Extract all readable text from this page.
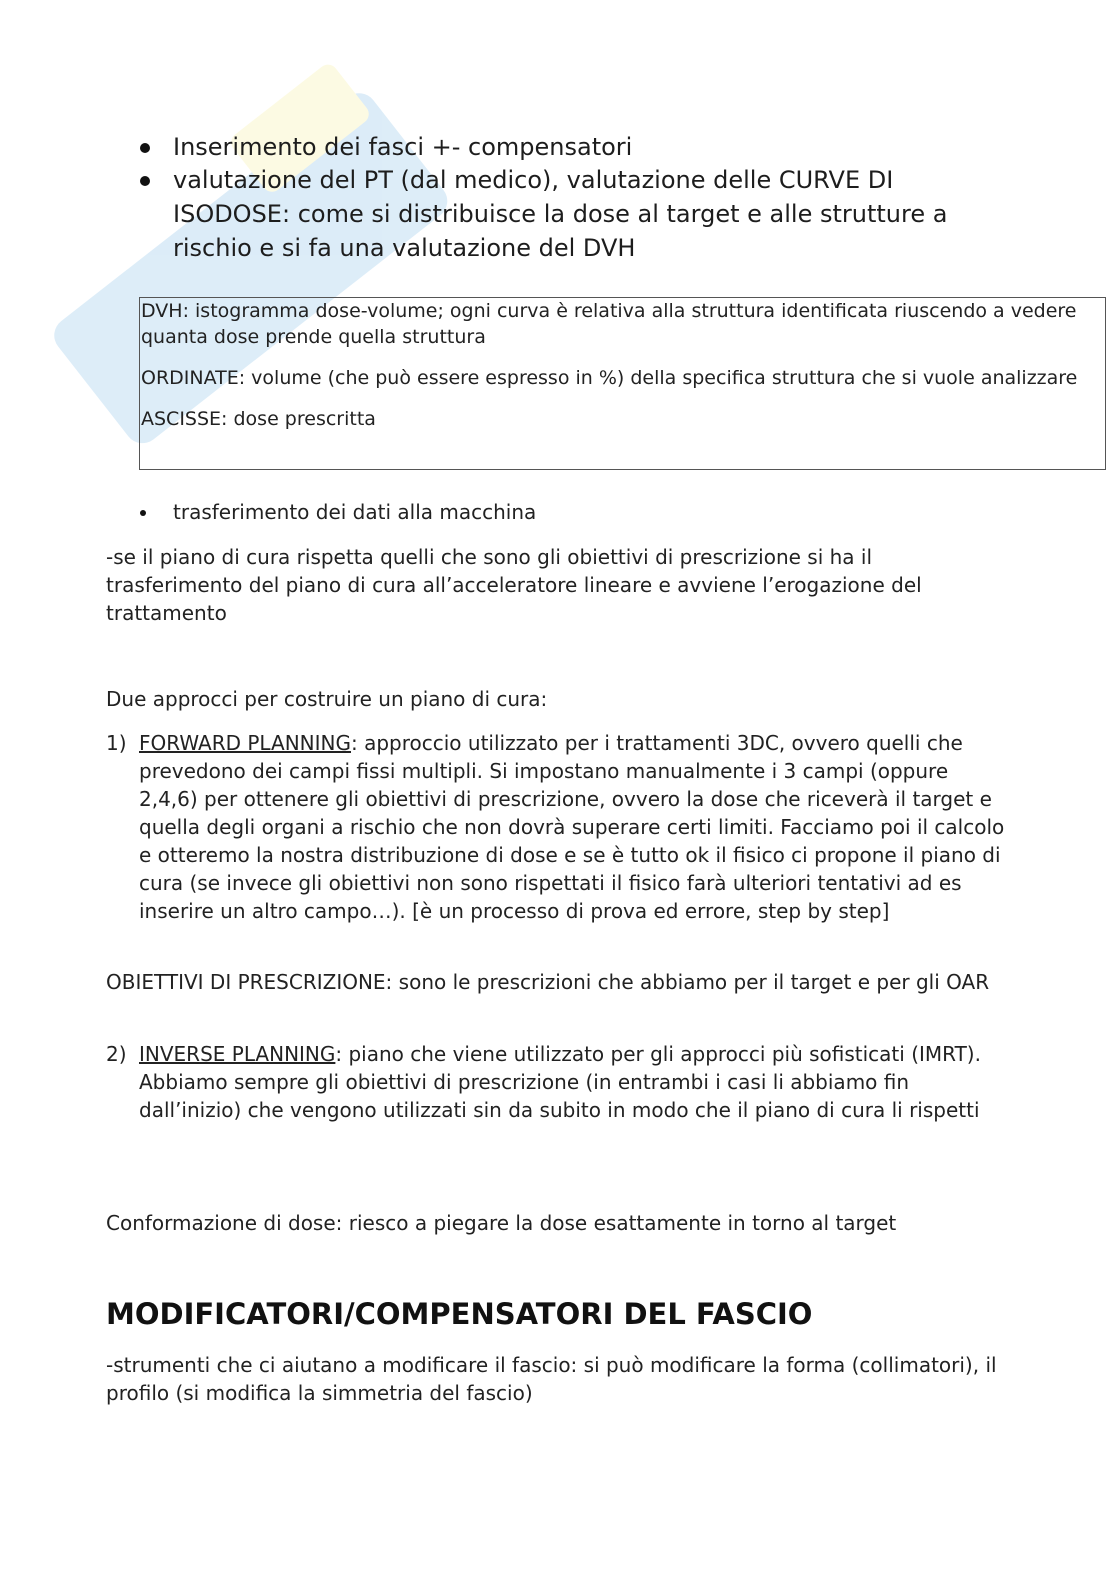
Inserimento dei fasci +- compensatori
valutazione del PT (dal medico), valutazione delle CURVE DI ISODOSE: come si distribuisce la dose al target e alle strutture a rischio e si fa una valutazione del DVH

DVH: istogramma dose-volume; ogni curva è relativa alla struttura identificata riuscendo a vedere quanta dose prende quella struttura

ORDINATE: volume (che può essere espresso in %) della specifica struttura che si vuole analizzare

ASCISSE: dose prescritta

trasferimento dei dati alla macchina

-se il piano di cura rispetta quelli che sono gli obiettivi di prescrizione si ha il trasferimento del piano di cura all’acceleratore lineare e avviene l’erogazione del trattamento

Due approcci per costruire un piano di cura:

1) FORWARD PLANNING: approccio utilizzato per i trattamenti 3DC, ovvero quelli che prevedono dei campi fissi multipli. Si impostano manualmente i 3 campi (oppure 2,4,6) per ottenere gli obiettivi di prescrizione, ovvero la dose che riceverà il target e quella degli organi a rischio che non dovrà superare certi limiti. Facciamo poi il calcolo e otteremo la nostra distribuzione di dose e se è tutto ok il fisico ci propone il piano di cura (se invece gli obiettivi non sono rispettati il fisico farà ulteriori tentativi ad es inserire un altro campo…). [è un processo di prova ed errore, step by step]

OBIETTIVI DI PRESCRIZIONE: sono le prescrizioni che abbiamo per il target e per gli OAR

2) INVERSE PLANNING: piano che viene utilizzato per gli approcci più sofisticati (IMRT). Abbiamo sempre gli obiettivi di prescrizione (in entrambi i casi li abbiamo fin dall’inizio) che vengono utilizzati sin da subito in modo che il piano di cura li rispetti

Conformazione di dose: riesco a piegare la dose esattamente in torno al target

MODIFICATORI/COMPENSATORI DEL FASCIO

-strumenti che ci aiutano a modificare il fascio: si può modificare la forma (collimatori), il profilo (si modifica la simmetria del fascio)
